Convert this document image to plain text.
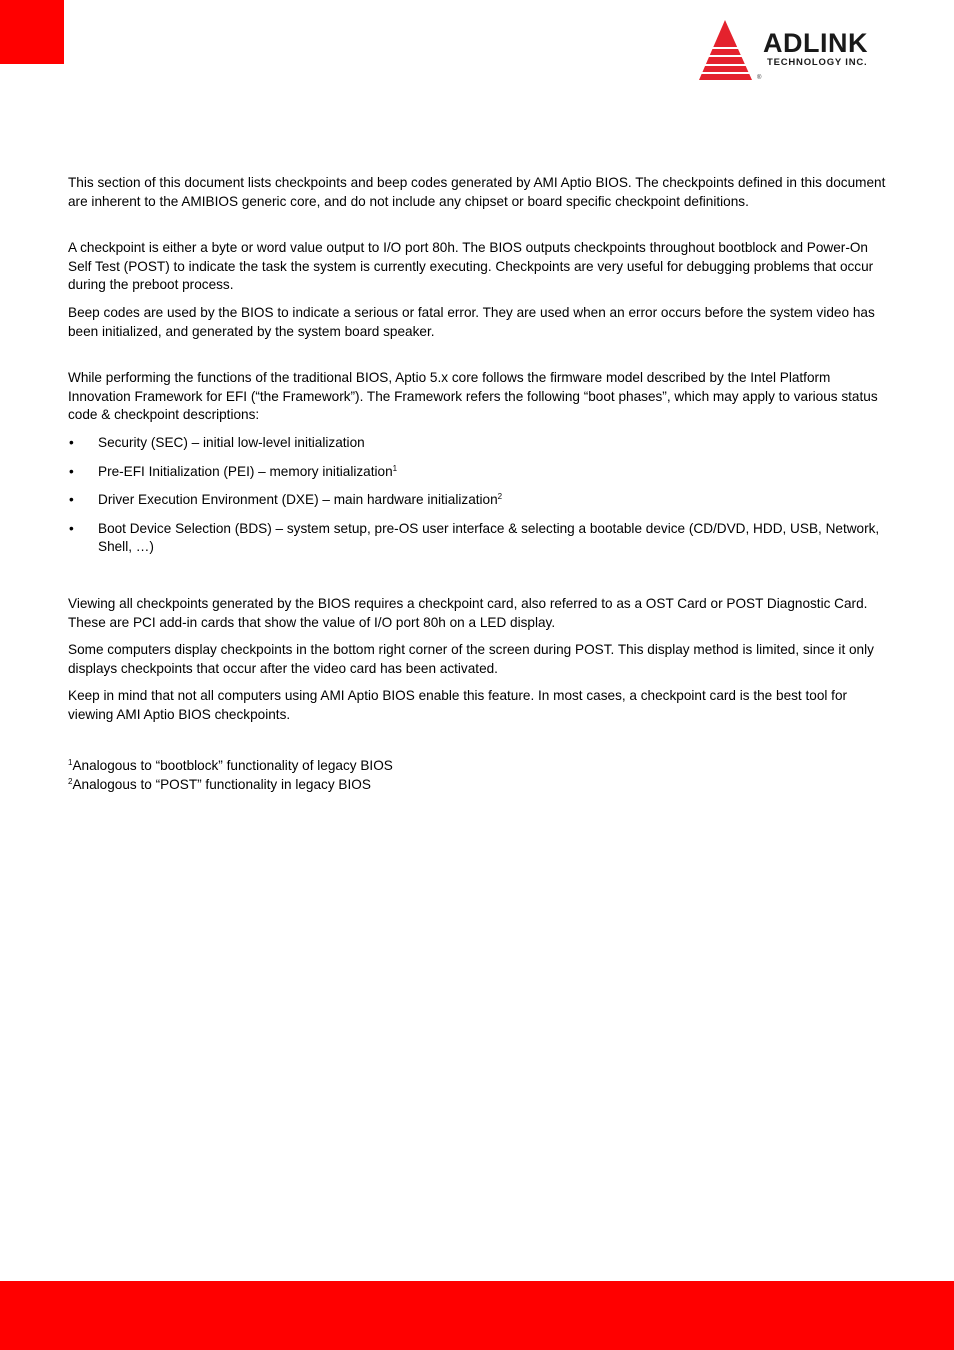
ADLINK
TECHNOLOGY INC.
®

This section of this document lists checkpoints and beep codes generated by AMI Aptio BIOS. The checkpoints defined in this document are inherent to the AMIBIOS generic core, and do not include any chipset or board specific checkpoint definitions.

A checkpoint is either a byte or word value output to I/O port 80h. The BIOS outputs checkpoints throughout bootblock and Power-On Self Test (POST) to indicate the task the system is currently executing. Checkpoints are very useful for debugging problems that occur during the preboot process.

Beep codes are used by the BIOS to indicate a serious or fatal error. They are used when an error occurs before the system video has been initialized, and generated by the system board speaker.

While performing the functions of the traditional BIOS, Aptio 5.x core follows the firmware model described by the Intel Platform Innovation Framework for EFI (“the Framework”). The Framework refers the following “boot phases”, which may apply to various status code & checkpoint descriptions:

• Security (SEC) – initial low-level initialization
• Pre-EFI Initialization (PEI) – memory initialization$^1$
• Driver Execution Environment (DXE) – main hardware initialization$^2$
• Boot Device Selection (BDS) – system setup, pre-OS user interface & selecting a bootable device (CD/DVD, HDD, USB, Network, Shell, …)

Viewing all checkpoints generated by the BIOS requires a checkpoint card, also referred to as a OST Card or POST Diagnostic Card. These are PCI add-in cards that show the value of I/O port 80h on a LED display.

Some computers display checkpoints in the bottom right corner of the screen during POST. This display method is limited, since it only displays checkpoints that occur after the video card has been activated.

Keep in mind that not all computers using AMI Aptio BIOS enable this feature. In most cases, a checkpoint card is the best tool for viewing AMI Aptio BIOS checkpoints.

$^1$Analogous to “bootblock” functionality of legacy BIOS
$^2$Analogous to “POST” functionality in legacy BIOS
